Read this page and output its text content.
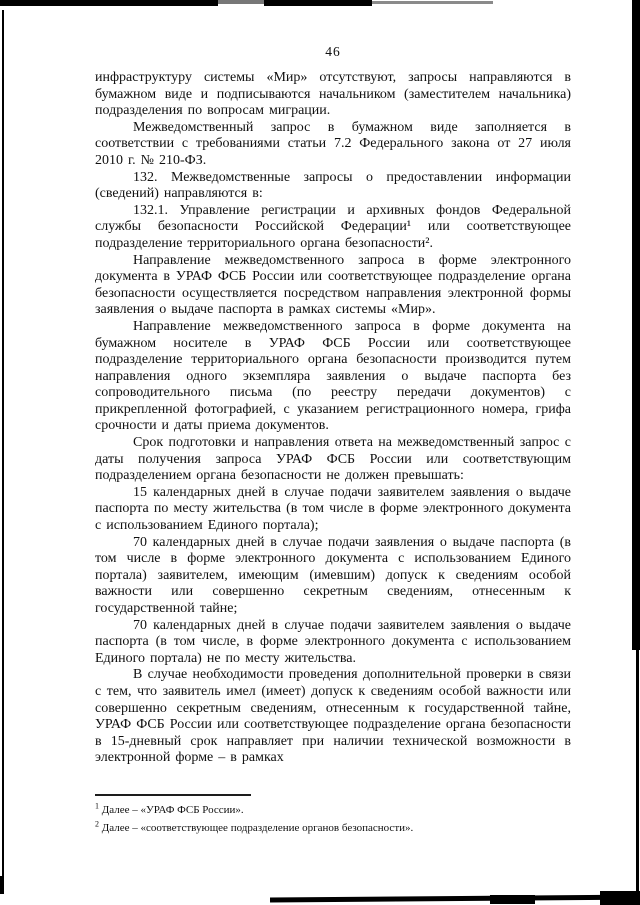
46

инфраструктуру системы «Мир» отсутствуют, запросы направляются в бумажном виде и подписываются начальником (заместителем начальника) подразделения по вопросам миграции.

Межведомственный запрос в бумажном виде заполняется в соответствии с требованиями статьи 7.2 Федерального закона от 27 июля 2010 г. № 210-ФЗ.

132. Межведомственные запросы о предоставлении информации (сведений) направляются в:

132.1. Управление регистрации и архивных фондов Федеральной службы безопасности Российской Федерации¹ или соответствующее подразделение территориального органа безопасности².

Направление межведомственного запроса в форме электронного документа в УРАФ ФСБ России или соответствующее подразделение органа безопасности осуществляется посредством направления электронной формы заявления о выдаче паспорта в рамках системы «Мир».

Направление межведомственного запроса в форме документа на бумажном носителе в УРАФ ФСБ России или соответствующее подразделение территориального органа безопасности производится путем направления одного экземпляра заявления о выдаче паспорта без сопроводительного письма (по реестру передачи документов) с прикрепленной фотографией, с указанием регистрационного номера, грифа срочности и даты приема документов.

Срок подготовки и направления ответа на межведомственный запрос с даты получения запроса УРАФ ФСБ России или соответствующим подразделением органа безопасности не должен превышать:

15 календарных дней в случае подачи заявителем заявления о выдаче паспорта по месту жительства (в том числе в форме электронного документа с использованием Единого портала);

70 календарных дней в случае подачи заявления о выдаче паспорта (в том числе в форме электронного документа с использованием Единого портала) заявителем, имеющим (имевшим) допуск к сведениям особой важности или совершенно секретным сведениям, отнесенным к государственной тайне;

70 календарных дней в случае подачи заявителем заявления о выдаче паспорта (в том числе, в форме электронного документа с использованием Единого портала) не по месту жительства.

В случае необходимости проведения дополнительной проверки в связи с тем, что заявитель имел (имеет) допуск к сведениям особой важности или совершенно секретным сведениям, отнесенным к государственной тайне, УРАФ ФСБ России или соответствующее подразделение органа безопасности в 15-дневный срок направляет при наличии технической возможности в электронной форме – в рамках

$^1$ Далее – «УРАФ ФСБ России».
$^2$ Далее – «соответствующее подразделение органов безопасности».
